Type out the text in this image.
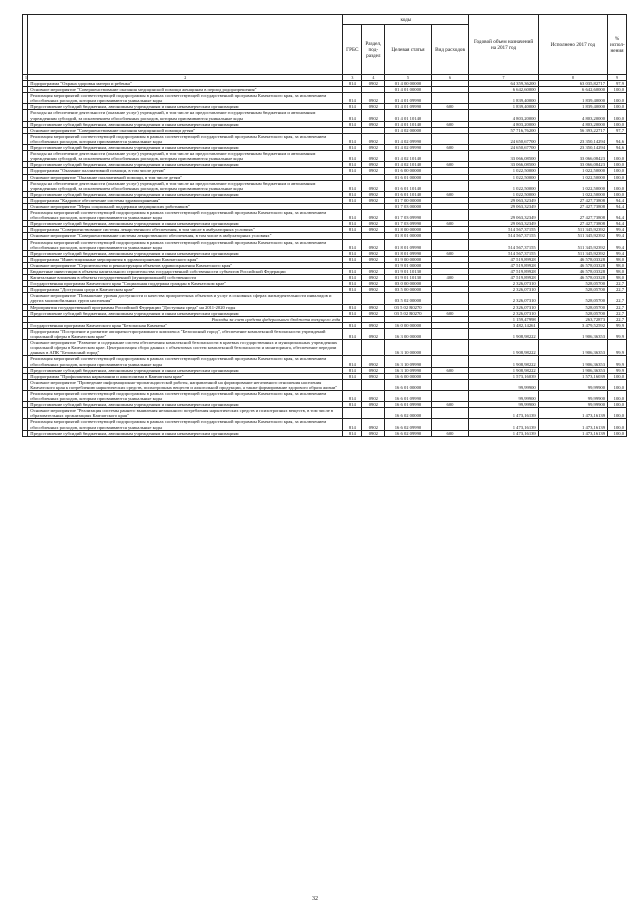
		коды				Годовой объем назначений на 2017 год	Исполнено 2017 год	% испол-нения
		ГРБС	Раздел, под-раздел	Целевая статья	Вид расходов			
1	2	3	4	5	6	7	8	9
	Подпрограмма "Охрана здоровья матери и ребенка"	814	0902	01 4 00 00000		64 359,36200	63 035,82717	97,9
	Основное мероприятие "Совершенствование оказания медицинской помощи женщинам в период родоразрешения"			01 4 01 00000		6 642,60000	6 642,60000	100,0
	Реализация мероприятий соответствующей подпрограммы в рамках соответствующей государственной программы Камчатского края, за исключением обособленных расходов, которым присваиваются уникальные коды	814	0902	01 4 01 09990		1 839,40000	1 839,40000	100,0
	Предоставление субсидий бюджетным, автономным учреждениям и иным некоммерческим организациям	814	0902	01 4 01 09990	600	1 839,40000	1 839,40000	100,0
	Расходы на обеспечение деятельности (оказание услуг) учреждений, в том числе на предоставление государственным бюджетным и автономным учреждениям субсидий, за исключением обособленных расходов, которым присваиваются уникальные коды	814	0902	01 4 01 10140		4 803,20000	4 803,20000	100,0
	Предоставление субсидий бюджетным, автономным учреждениям и иным некоммерческим организациям	814	0902	01 4 01 10140	600	4 803,20000	4 803,20000	100,0
	Основное мероприятие "Совершенствование оказания медицинской помощи детям"			01 4 02 00000		57 716,76200	56 393,22717	97,7
	Реализация мероприятий соответствующей подпрограммы в рамках соответствующей государственной программы Камчатского края, за исключением обособленных расходов, которым присваиваются уникальные коды	814	0902	01 4 02 09990		24 650,67700	23 350,14294	94,6
	Предоставление субсидий бюджетным, автономным учреждениям и иным некоммерческим организациям	814	0902	01 4 02 09990	600	24 650,67700	23 350,14294	94,6
	Расходы на обеспечение деятельности (оказание услуг) учреждений, в том числе на предоставление государственным бюджетным и автономным учреждениям субсидий, за исключением обособленных расходов, которым присваиваются уникальные коды	814	0902	01 4 02 10140		33 066,08500	33 066,08423	100,0
	Предоставление субсидий бюджетным, автономным учреждениям и иным некоммерческим организациям	814	0902	01 4 02 10140	600	33 066,08500	33 066,08423	100,0
	Подпрограмма "Оказание паллиативной помощи, в том числе детям"	814	0902	01 6 00 00000		1 022,50000	1 022,50000	100,0
	Основное мероприятие "Оказание паллиативной помощи, в том числе детям"			01 6 01 00000		1 022,50000	1 022,50000	100,0
	Расходы на обеспечение деятельности (оказание услуг) учреждений, в том числе на предоставление государственным бюджетным и автономным учреждениям субсидий, за исключением обособленных расходов, которым присваиваются уникальные коды	814	0902	01 6 01 10140		1 022,50000	1 022,50000	100,0
	Предоставление субсидий бюджетным, автономным учреждениям и иным некоммерческим организациям	814	0902	01 6 01 10140	600	1 022,50000	1 022,50000	100,0
	Подпрограмма "Кадровое обеспечение системы здравоохранения"	814	0902	01 7 00 00000		29 063,32349	27 427,73808	94,4
	Основное мероприятие "Меры социальной поддержки медицинских работников"			01 7 03 00000		29 063,32349	27 427,73808	94,4
	Реализация мероприятий соответствующей подпрограммы в рамках соответствующей государственной программы Камчатского края, за исключением обособленных расходов, которым присваиваются уникальные коды	814	0902	01 7 03 09990		29 063,32349	27 427,73808	94,4
	Предоставление субсидий бюджетным, автономным учреждениям и иным некоммерческим организациям	814	0902	01 7 03 09990	600	29 063,32349	27 427,73808	94,4
	Подпрограмма "Совершенствование системы лекарственного обеспечения, в том числе в амбулаторных условиях"	814	0902	01 8 00 00000		514 567,37155	511 345,92392	99,4
	Основное мероприятие "Совершенствование системы лекарственного обеспечения, в том числе в амбулаторных условиях"			01 8 01 00000		514 567,37155	511 345,92392	99,4
	Реализация мероприятий соответствующей подпрограммы в рамках соответствующей государственной программы Камчатского края, за исключением обособленных расходов, которым присваиваются уникальные коды	814	0902	01 8 01 09990		514 567,37155	511 345,92392	99,4
	Предоставление субсидий бюджетным, автономным учреждениям и иным некоммерческим организациям	814	0902	01 8 01 09990	600	514 567,37155	511 345,92392	99,4
	Подпрограмма "Инвестиционные мероприятия в здравоохранении Камчатского края"	814	0902	01 9 00 00000		47 519,89928	46 578,03328	98,0
	Основное мероприятие "Строительство и реконструкция объектов здравоохранения Камчатского края"			01 9 01 00000		47 519,89928	46 578,03328	98,0
	Бюджетные инвестиции в объекты капитального строительства государственной собственности субъектов Российской Федерации	814	0902	01 9 01 10130		47 519,89928	46 578,03328	98,0
	Капитальные вложения в объекты государственной (муниципальной) собственности	814	0902	01 9 01 10130	400	47 519,89928	46 578,03328	98,0
	Государственная программа Камчатского края "Социальная поддержка граждан в Камчатском крае"	814	0902	03 0 00 00000		2 326,07310	528,05700	22,7
	Подпрограмма "Доступная среда в Камчатском крае"	814	0902	03 5 00 00000		2 326,07310	528,05700	22,7
	Основное мероприятие "Повышение уровня доступности и качества приоритетных объектов и услуг в основных сферах жизнедеятельности инвалидов и других маломобильных групп населения"			03 5 02 00000		2 326,07310	528,05700	22,7
	Мероприятия государственной программы Российской Федерации "Доступная среда" на 2011-2020 годы	814	0902	03 5 02 R0270		2 326,07310	528,05700	22,7
	Предоставление субсидий бюджетным, автономным учреждениям и иным некоммерческим организациям	814	0902	03 5 02 R0270	600	2 326,07310	528,05700	22,7
	Расходы за счет средств федерального бюджета текущего года					1 159,47998	263,72873	22,7
	Государственная программа Камчатского края "Безопасная Камчатка"	814	0902	16 0 00 00000		3 482,14261	3 479,52592	99,9
	Подпрограмма "Построение и развитие аппаратно-программного комплекса "Безопасный город", обеспечение комплексной безопасности учреждений социальной сферы в Камчатском крае"	814	0902	16 3 00 00000		1 908,98222	1 906,36353	99,9
	Основное мероприятие "Развитие и содержание систем обеспечения комплексной безопасности в краевых государственных и муниципальных учреждениях социальной сферы в Камчатском крае. Централизация сбора данных с объектовых систем комплексной безопасности и мониторинга, обеспечение передачи данных в АПК "Безопасный город"			16 3 10 00000		1 908,98222	1 906,36353	99,9
	Реализация мероприятий соответствующей подпрограммы в рамках соответствующей государственной программы Камчатского края, за исключением обособленных расходов, которым присваиваются уникальные коды	814	0902	16 3 10 09990		1 908,98222	1 906,36353	99,9
	Предоставление субсидий бюджетным, автономным учреждениям и иным некоммерческим организациям	814	0902	16 3 10 09990	600	1 908,98222	1 906,36353	99,9
	Подпрограмма "Профилактика наркомании и алкоголизма в Камчатском крае"	814	0902	16 6 00 00000		1 573,16039	1 573,16039	100,0
	Основное мероприятие "Проведение информационно-пропагандистской работы, направленной на формирование негативного отношения населения Камчатского края к потреблению наркотических средств, психотропных веществ и алкогольной продукции, а также формирование здорового образа жизни"			16 6 01 00000		99,99900	99,99900	100,0
	Реализация мероприятий соответствующей подпрограммы в рамках соответствующей государственной программы Камчатского края, за исключением обособленных расходов, которым присваиваются уникальные коды	814	0902	16 6 01 09990		99,99900	99,99900	100,0
	Предоставление субсидий бюджетным, автономным учреждениям и иным некоммерческим организациям	814	0902	16 6 01 09990	600	99,99900	99,99900	100,0
	Основное мероприятие "Реализация системы раннего выявления незаконного потребления наркотических средств и психотропных веществ, в том числе в образовательных организациях Камчатского края"			16 6 02 00000		1 473,16139	1 473,16139	100,0
	Реализация мероприятий соответствующей подпрограммы в рамках соответствующей государственной программы Камчатского края, за исключением обособленных расходов, которым присваиваются уникальные коды	814	0902	16 6 02 09990		1 473,16139	1 473,16139	100,0
	Предоставление субсидий бюджетным, автономным учреждениям и иным некоммерческим организациям	814	0902	16 6 02 09990	600	1 473,16139	1 473,16139	100,0
32
